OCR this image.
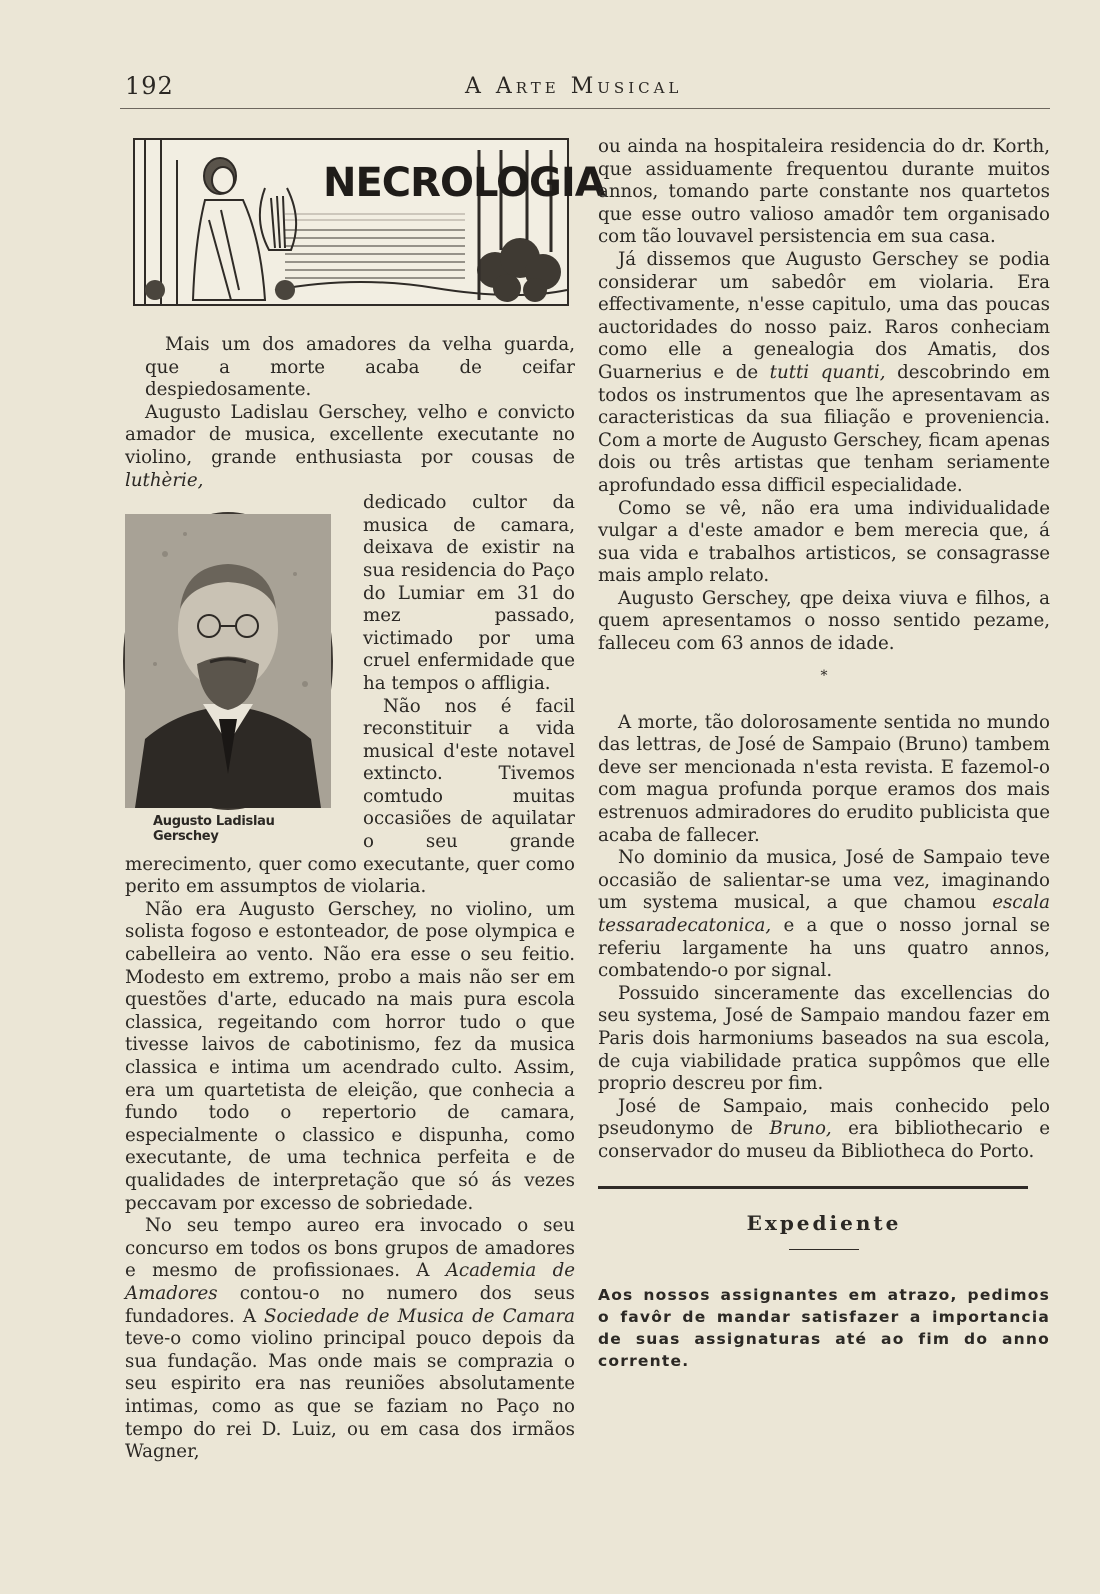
192	A Arte Musical
NECROLOGIA

Mais um dos amadores da velha guarda, que a morte acaba de ceifar despiedosamente.

Augusto Ladislau Gerschey, velho e convicto amador de musica, excellente executante no violino, grande enthusiasta por cousas de luthèrie,

Augusto Ladislau Gerschey

dedicado cultor da musica de camara, deixava de existir na sua residencia do Paço do Lumiar em 31 do mez passado, victimado por uma cruel enfermidade que ha tempos o affligia.

Não nos é facil reconstituir a vida musical d'este notavel extincto. Tivemos comtudo muitas occasiões de aquilatar o seu grande merecimento, quer como executante, quer como perito em assumptos de violaria.

Não era Augusto Gerschey, no violino, um solista fogoso e estonteador, de pose olympica e cabelleira ao vento. Não era esse o seu feitio. Modesto em extremo, probo a mais não ser em questões d'arte, educado na mais pura escola classica, regeitando com horror tudo o que tivesse laivos de cabotinismo, fez da musica classica e intima um acendrado culto. Assim, era um quartetista de eleição, que conhecia a fundo todo o repertorio de camara, especialmente o classico e dispunha, como executante, de uma technica perfeita e de qualidades de interpretação que só ás vezes peccavam por excesso de sobriedade.

No seu tempo aureo era invocado o seu concurso em todos os bons grupos de amadores e mesmo de profissionaes. A Academia de Amadores contou-o no numero dos seus fundadores. A Sociedade de Musica de Camara teve-o como violino principal pouco depois da sua fundação. Mas onde mais se comprazia o seu espirito era nas reuniões absolutamente intimas, como as que se faziam no Paço no tempo do rei D. Luiz, ou em casa dos irmãos Wagner,

ou ainda na hospitaleira residencia do dr. Korth, que assiduamente frequentou durante muitos annos, tomando parte constante nos quartetos que esse outro valioso amadôr tem organisado com tão louvavel persistencia em sua casa.

Já dissemos que Augusto Gerschey se podia considerar um sabedôr em violaria. Era effectivamente, n'esse capitulo, uma das poucas auctoridades do nosso paiz. Raros conheciam como elle a genealogia dos Amatis, dos Guarnerius e de tutti quanti, descobrindo em todos os instrumentos que lhe apresentavam as caracteristicas da sua filiação e proveniencia. Com a morte de Augusto Gerschey, ficam apenas dois ou três artistas que tenham seriamente aprofundado essa difficil especialidade.

Como se vê, não era uma individualidade vulgar a d'este amador e bem merecia que, á sua vida e trabalhos artisticos, se consagrasse mais amplo relato.

Augusto Gerschey, qpe deixa viuva e filhos, a quem apresentamos o nosso sentido pezame, falleceu com 63 annos de idade.

*

A morte, tão dolorosamente sentida no mundo das lettras, de José de Sampaio (Bruno) tambem deve ser mencionada n'esta revista. E fazemol-o com magua profunda porque eramos dos mais estrenuos admiradores do erudito publicista que acaba de fallecer.

No dominio da musica, José de Sampaio teve occasião de salientar-se uma vez, imaginando um systema musical, a que chamou escala tessaradecatonica, e a que o nosso jornal se referiu largamente ha uns quatro annos, combatendo-o por signal.

Possuido sinceramente das excellencias do seu systema, José de Sampaio mandou fazer em Paris dois harmoniums baseados na sua escola, de cuja viabilidade pratica suppômos que elle proprio descreu por fim.

José de Sampaio, mais conhecido pelo pseudonymo de Bruno, era bibliothecario e conservador do museu da Bibliotheca do Porto.

Expediente

Aos nossos assignantes em atrazo, pedimos o favôr de mandar satisfazer a importancia de suas assignaturas até ao fim do anno corrente.
